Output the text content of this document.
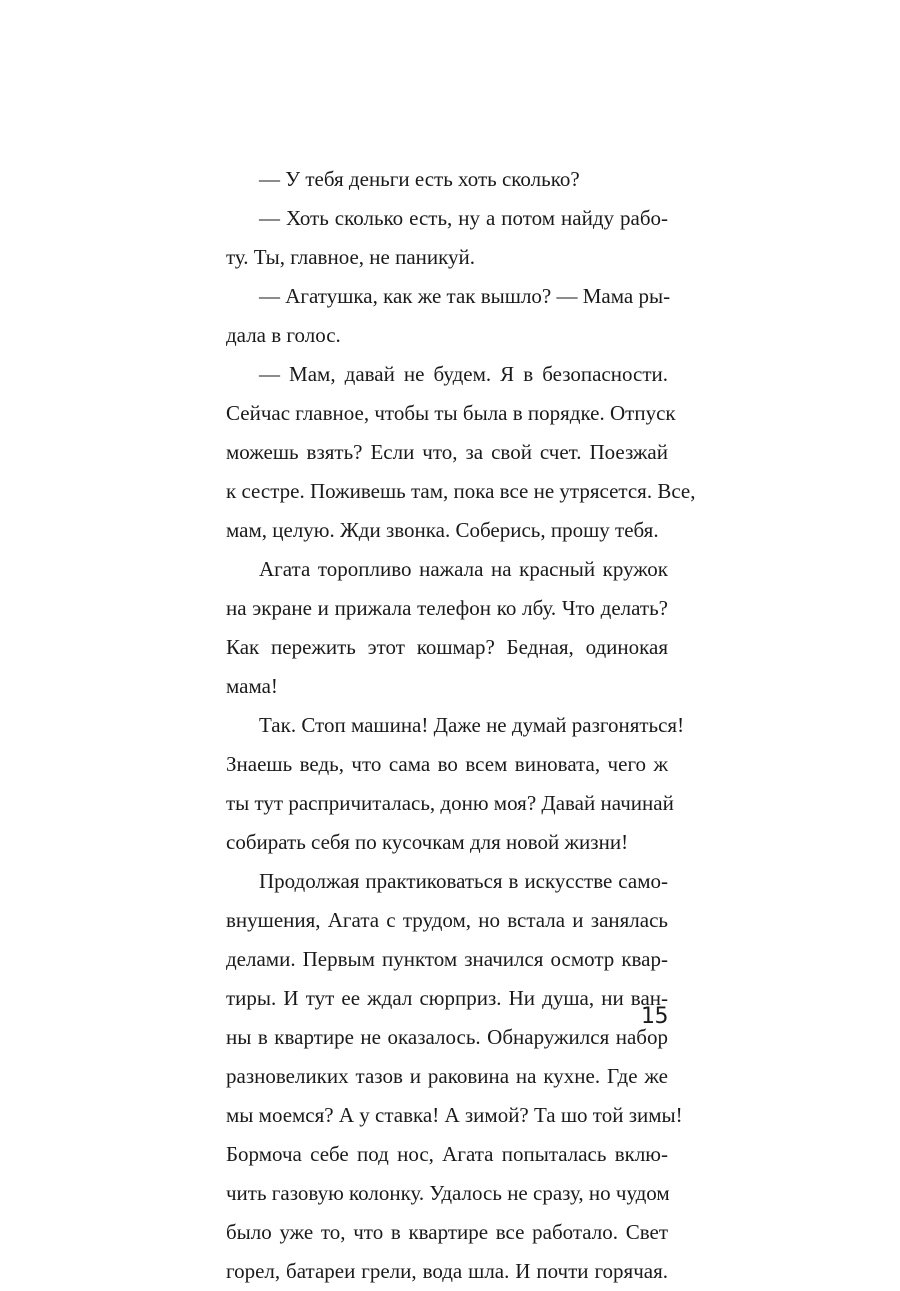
— У тебя деньги есть хоть сколько?
— Хоть сколько есть, ну а потом найду рабо-
ту. Ты, главное, не паникуй.
— Агатушка, как же так вышло? — Мама ры-
дала в голос.
— Мам, давай не будем. Я в безопасности.
Сейчас главное, чтобы ты была в порядке. Отпуск
можешь взять? Если что, за свой счет. Поезжай
к сестре. Поживешь там, пока все не утрясется. Все,
мам, целую. Жди звонка. Соберись, прошу тебя.
Агата торопливо нажала на красный кружок
на экране и прижала телефон ко лбу. Что делать?
Как пережить этот кошмар? Бедная, одинокая
мама!
Так. Стоп машина! Даже не думай разгоняться!
Знаешь ведь, что сама во всем виновата, чего ж
ты тут распричиталась, доню моя? Давай начинай
собирать себя по кусочкам для новой жизни!
Продолжая практиковаться в искусстве само-
внушения, Агата с трудом, но встала и занялась
делами. Первым пунктом значился осмотр квар-
тиры. И тут ее ждал сюрприз. Ни душа, ни ван-
ны в квартире не оказалось. Обнаружился набор
разновеликих тазов и раковина на кухне. Где же
мы моемся? А у ставка! А зимой? Та шо той зимы!
Бормоча себе под нос, Агата попыталась вклю-
чить газовую колонку. Удалось не сразу, но чудом
было уже то, что в квартире все работало. Свет
горел, батареи грели, вода шла. И почти горячая.
15
